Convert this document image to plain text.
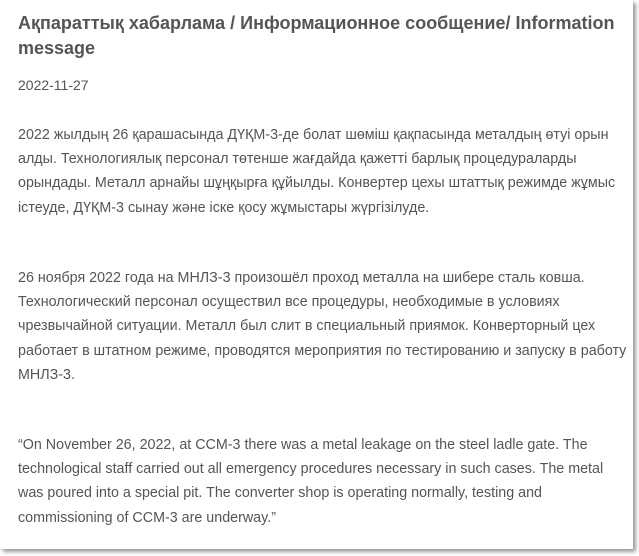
Ақпараттық хабарлама / Информационное сообщение/ Information message

2022-11-27

2022 жылдың 26 қарашасында ДҮҚМ-3-де болат шөміш қақпасында металдың өтуі орын алды. Технологиялық персонал төтенше жағдайда қажетті барлық процедураларды орындады. Металл арнайы шұңқырға құйылды. Конвертер цехы штаттық режимде жұмыс істеуде, ДҮҚМ-3 сынау және іске қосу жұмыстары жүргізілуде.

26 ноября 2022 года на МНЛЗ-3 произошёл проход металла на шибере сталь ковша. Технологический персонал осуществил все процедуры, необходимые в условиях чрезвычайной ситуации. Металл был слит в специальный приямок. Конверторный цех работает в штатном режиме, проводятся мероприятия по тестированию и запуску в работу МНЛЗ-3.

“On November 26, 2022, at CCM-3 there was a metal leakage on the steel ladle gate. The technological staff carried out all emergency procedures necessary in such cases. The metal was poured into a special pit. The converter shop is operating normally, testing and commissioning of CCM-3 are underway.”
